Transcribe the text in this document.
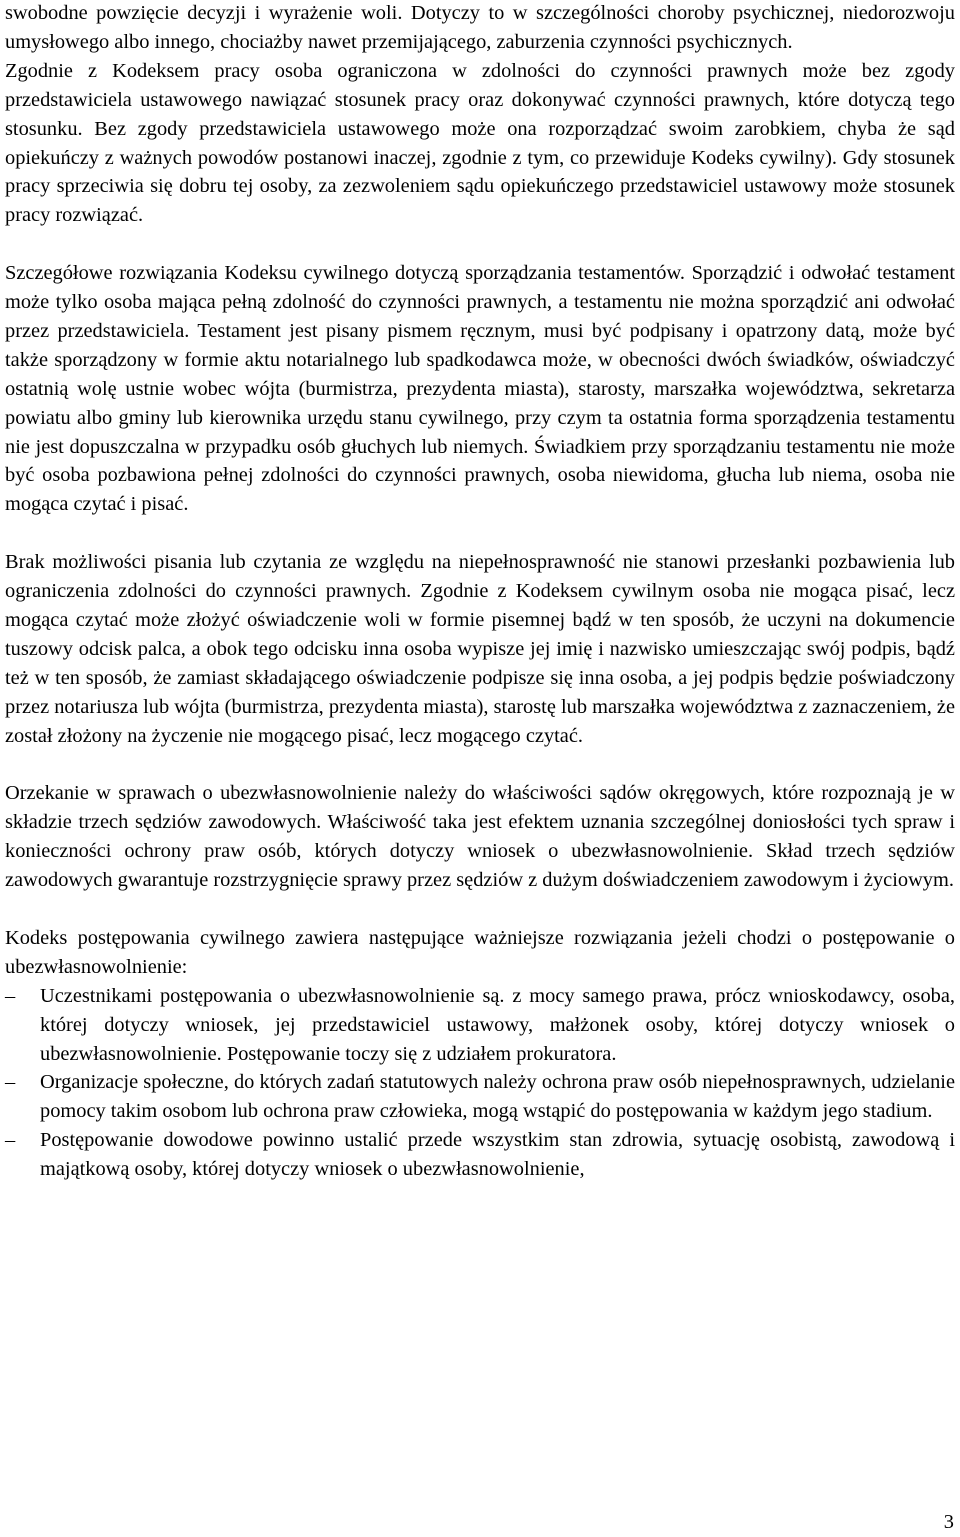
swobodne powzięcie decyzji i wyrażenie woli. Dotyczy to w szczególności choroby psychicznej, niedorozwoju umysłowego albo innego, chociażby nawet przemijającego, zaburzenia czynności psychicznych.

Zgodnie z Kodeksem pracy osoba ograniczona w zdolności do czynności prawnych może bez zgody przedstawiciela ustawowego nawiązać stosunek pracy oraz dokonywać czynności prawnych, które dotyczą tego stosunku. Bez zgody przedstawiciela ustawowego może ona rozporządzać swoim zarobkiem, chyba że sąd opiekuńczy z ważnych powodów postanowi inaczej, zgodnie z tym, co przewiduje Kodeks cywilny). Gdy stosunek pracy sprzeciwia się dobru tej osoby, za zezwoleniem sądu opiekuńczego przedstawiciel ustawowy może stosunek pracy rozwiązać.

Szczegółowe rozwiązania Kodeksu cywilnego dotyczą sporządzania testamentów. Sporządzić i odwołać testament może tylko osoba mająca pełną zdolność do czynności prawnych, a testamentu nie można sporządzić ani odwołać przez przedstawiciela. Testament jest pisany pismem ręcznym, musi być podpisany i opatrzony datą, może być także sporządzony w formie aktu notarialnego lub spadkodawca może, w obecności dwóch świadków, oświadczyć ostatnią wolę ustnie wobec wójta (burmistrza, prezydenta miasta), starosty, marszałka województwa, sekretarza powiatu albo gminy lub kierownika urzędu stanu cywilnego, przy czym ta ostatnia forma sporządzenia testamentu nie jest dopuszczalna w przypadku osób głuchych lub niemych. Świadkiem przy sporządzaniu testamentu nie może być osoba pozbawiona pełnej zdolności do czynności prawnych, osoba niewidoma, głucha lub niema, osoba nie mogąca czytać i pisać.

Brak możliwości pisania lub czytania ze względu na niepełnosprawność nie stanowi przesłanki pozbawienia lub ograniczenia zdolności do czynności prawnych. Zgodnie z Kodeksem cywilnym osoba nie mogąca pisać, lecz mogąca czytać może złożyć oświadczenie woli w formie pisemnej bądź w ten sposób, że uczyni na dokumencie tuszowy odcisk palca, a obok tego odcisku inna osoba wypisze jej imię i nazwisko umieszczając swój podpis, bądź też w ten sposób, że zamiast składającego oświadczenie podpisze się inna osoba, a jej podpis będzie poświadczony przez notariusza lub wójta (burmistrza, prezydenta miasta), starostę lub marszałka województwa z zaznaczeniem, że został złożony na życzenie nie mogącego pisać, lecz mogącego czytać.

Orzekanie w sprawach o ubezwłasnowolnienie należy do właściwości sądów okręgowych, które rozpoznają je w składzie trzech sędziów zawodowych. Właściwość taka jest efektem uznania szczególnej doniosłości tych spraw i konieczności ochrony praw osób, których dotyczy wniosek o ubezwłasnowolnienie. Skład trzech sędziów zawodowych gwarantuje rozstrzygnięcie sprawy przez sędziów z dużym doświadczeniem zawodowym i życiowym.

Kodeks postępowania cywilnego zawiera następujące ważniejsze rozwiązania jeżeli chodzi o postępowanie o ubezwłasnowolnienie:

–	Uczestnikami postępowania o ubezwłasnowolnienie są. z mocy samego prawa, prócz wnioskodawcy, osoba, której dotyczy wniosek, jej przedstawiciel ustawowy, małżonek osoby, której dotyczy wniosek o ubezwłasnowolnienie. Postępowanie toczy się z udziałem prokuratora.
–	Organizacje społeczne, do których zadań statutowych należy ochrona praw osób niepełnosprawnych, udzielanie pomocy takim osobom lub ochrona praw człowieka, mogą wstąpić do postępowania w każdym jego stadium.
–	Postępowanie dowodowe powinno ustalić przede wszystkim stan zdrowia, sytuację osobistą, zawodową i majątkową osoby, której dotyczy wniosek o ubezwłasnowolnienie,
3
